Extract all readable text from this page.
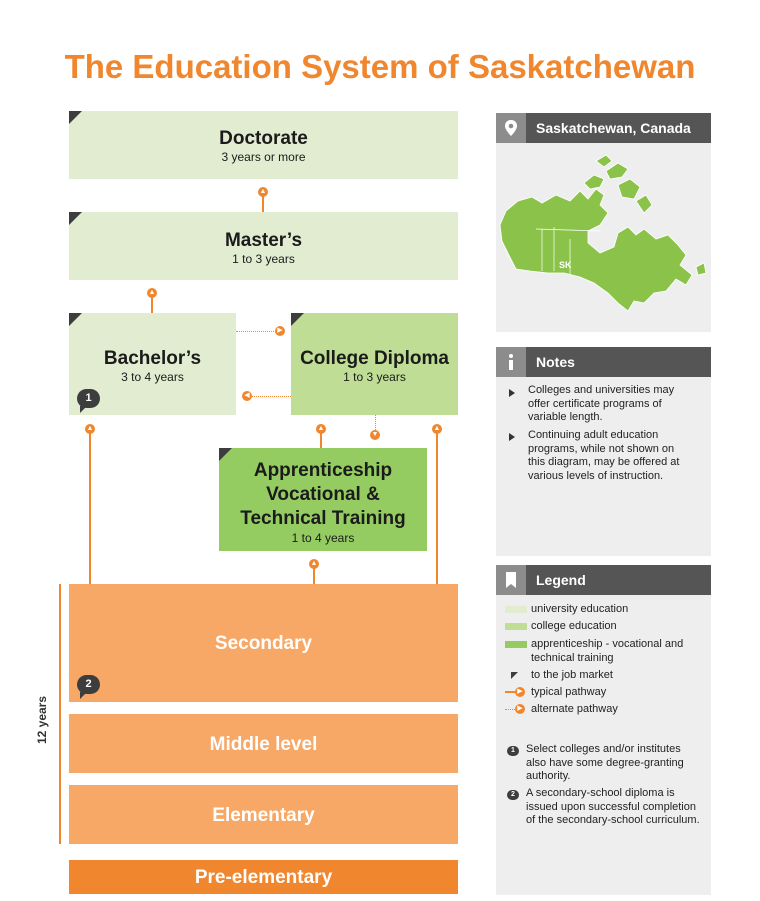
The Education System of Saskatchewan
Doctorate
3 years or more
Master’s
1 to 3 years
Bachelor’s
3 to 4 years
1
College Diploma
1 to 3 years
Apprenticeship
Vocational &
Technical Training
1 to 4 years
Secondary
2
Middle level
Elementary
Pre-elementary
12 years
▲
▲
▶
◀
▲	▲
▲
▼
▲
Saskatchewan, Canada
SK
Notes
Colleges and universities may
offer certificate programs of
variable length.
Continuing adult education
programs, while not shown on
this diagram, may be offered at
various levels of instruction.
Legend
university education
college education
apprenticeship - vocational and
technical training
to the job market
▶ typical pathway
▶ alternate pathway
1	Select colleges and/or institutes
also have some degree-granting
authority.
2	A secondary-school diploma is
issued upon successful completion
of the secondary-school curriculum.
